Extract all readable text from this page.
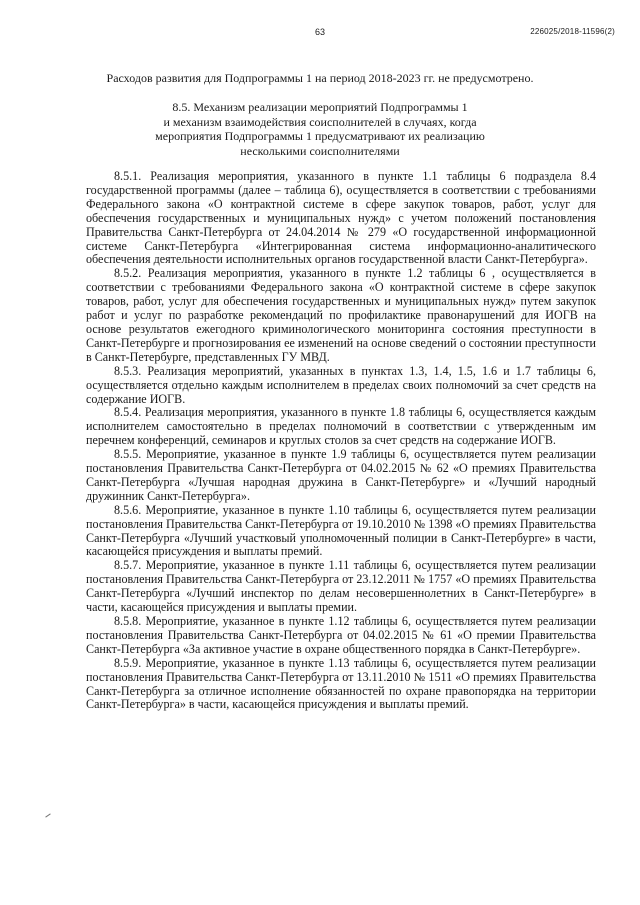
63	226025/2018-11596(2)
Расходов развития для Подпрограммы 1 на период 2018-2023 гг. не предусмотрено.
8.5. Механизм реализации мероприятий Подпрограммы 1
и механизм взаимодействия соисполнителей в случаях, когда
мероприятия Подпрограммы 1 предусматривают их реализацию
несколькими соисполнителями

8.5.1. Реализация мероприятия, указанного в пункте 1.1 таблицы 6 подраздела 8.4 государственной программы (далее – таблица 6), осуществляется в соответствии с требованиями Федерального закона «О контрактной системе в сфере закупок товаров, работ, услуг для обеспечения государственных и муниципальных нужд» с учетом положений постановления Правительства Санкт-Петербурга от 24.04.2014 № 279 «О государственной информационной системе Санкт-Петербурга «Интегрированная система информационно-аналитического обеспечения деятельности исполнительных органов государственной власти Санкт-Петербурга».

8.5.2. Реализация мероприятия, указанного в пункте 1.2 таблицы 6 , осуществляется в соответствии с требованиями Федерального закона «О контрактной системе в сфере закупок товаров, работ, услуг для обеспечения государственных и муниципальных нужд» путем закупок работ и услуг по разработке рекомендаций по профилактике правонарушений для ИОГВ на основе результатов ежегодного криминологического мониторинга состояния преступности в Санкт-Петербурге и прогнозирования ее изменений на основе сведений о состоянии преступности в Санкт-Петербурге, представленных ГУ МВД.

8.5.3. Реализация мероприятий, указанных в пунктах 1.3, 1.4, 1.5, 1.6 и 1.7 таблицы 6, осуществляется отдельно каждым исполнителем в пределах своих полномочий за счет средств на содержание ИОГВ.

8.5.4. Реализация мероприятия, указанного в пункте 1.8 таблицы 6, осуществляется каждым исполнителем самостоятельно в пределах полномочий в соответствии с утвержденным им перечнем конференций, семинаров и круглых столов за счет средств на содержание ИОГВ.

8.5.5. Мероприятие, указанное в пункте 1.9 таблицы 6, осуществляется путем реализации постановления Правительства Санкт-Петербурга от 04.02.2015 № 62 «О премиях Правительства Санкт-Петербурга «Лучшая народная дружина в Санкт-Петербурге» и «Лучший народный дружинник Санкт-Петербурга».

8.5.6. Мероприятие, указанное в пункте 1.10 таблицы 6, осуществляется путем реализации постановления Правительства Санкт-Петербурга от 19.10.2010 № 1398 «О премиях Правительства Санкт-Петербурга «Лучший участковый уполномоченный полиции в Санкт-Петербурге» в части, касающейся присуждения и выплаты премий.

8.5.7. Мероприятие, указанное в пункте 1.11 таблицы 6, осуществляется путем реализации постановления Правительства Санкт-Петербурга от 23.12.2011 № 1757 «О премиях Правительства Санкт-Петербурга «Лучший инспектор по делам несовершеннолетних в Санкт-Петербурге» в части, касающейся присуждения и выплаты премии.

8.5.8. Мероприятие, указанное в пункте 1.12 таблицы 6, осуществляется путем реализации постановления Правительства Санкт-Петербурга от 04.02.2015 № 61 «О премии Правительства Санкт-Петербурга «За активное участие в охране общественного порядка в Санкт-Петербурге».

8.5.9. Мероприятие, указанное в пункте 1.13 таблицы 6, осуществляется путем реализации постановления Правительства Санкт-Петербурга от 13.11.2010 № 1511 «О премиях Правительства Санкт-Петербурга за отличное исполнение обязанностей по охране правопорядка на территории Санкт-Петербурга» в части, касающейся присуждения и выплаты премий.
